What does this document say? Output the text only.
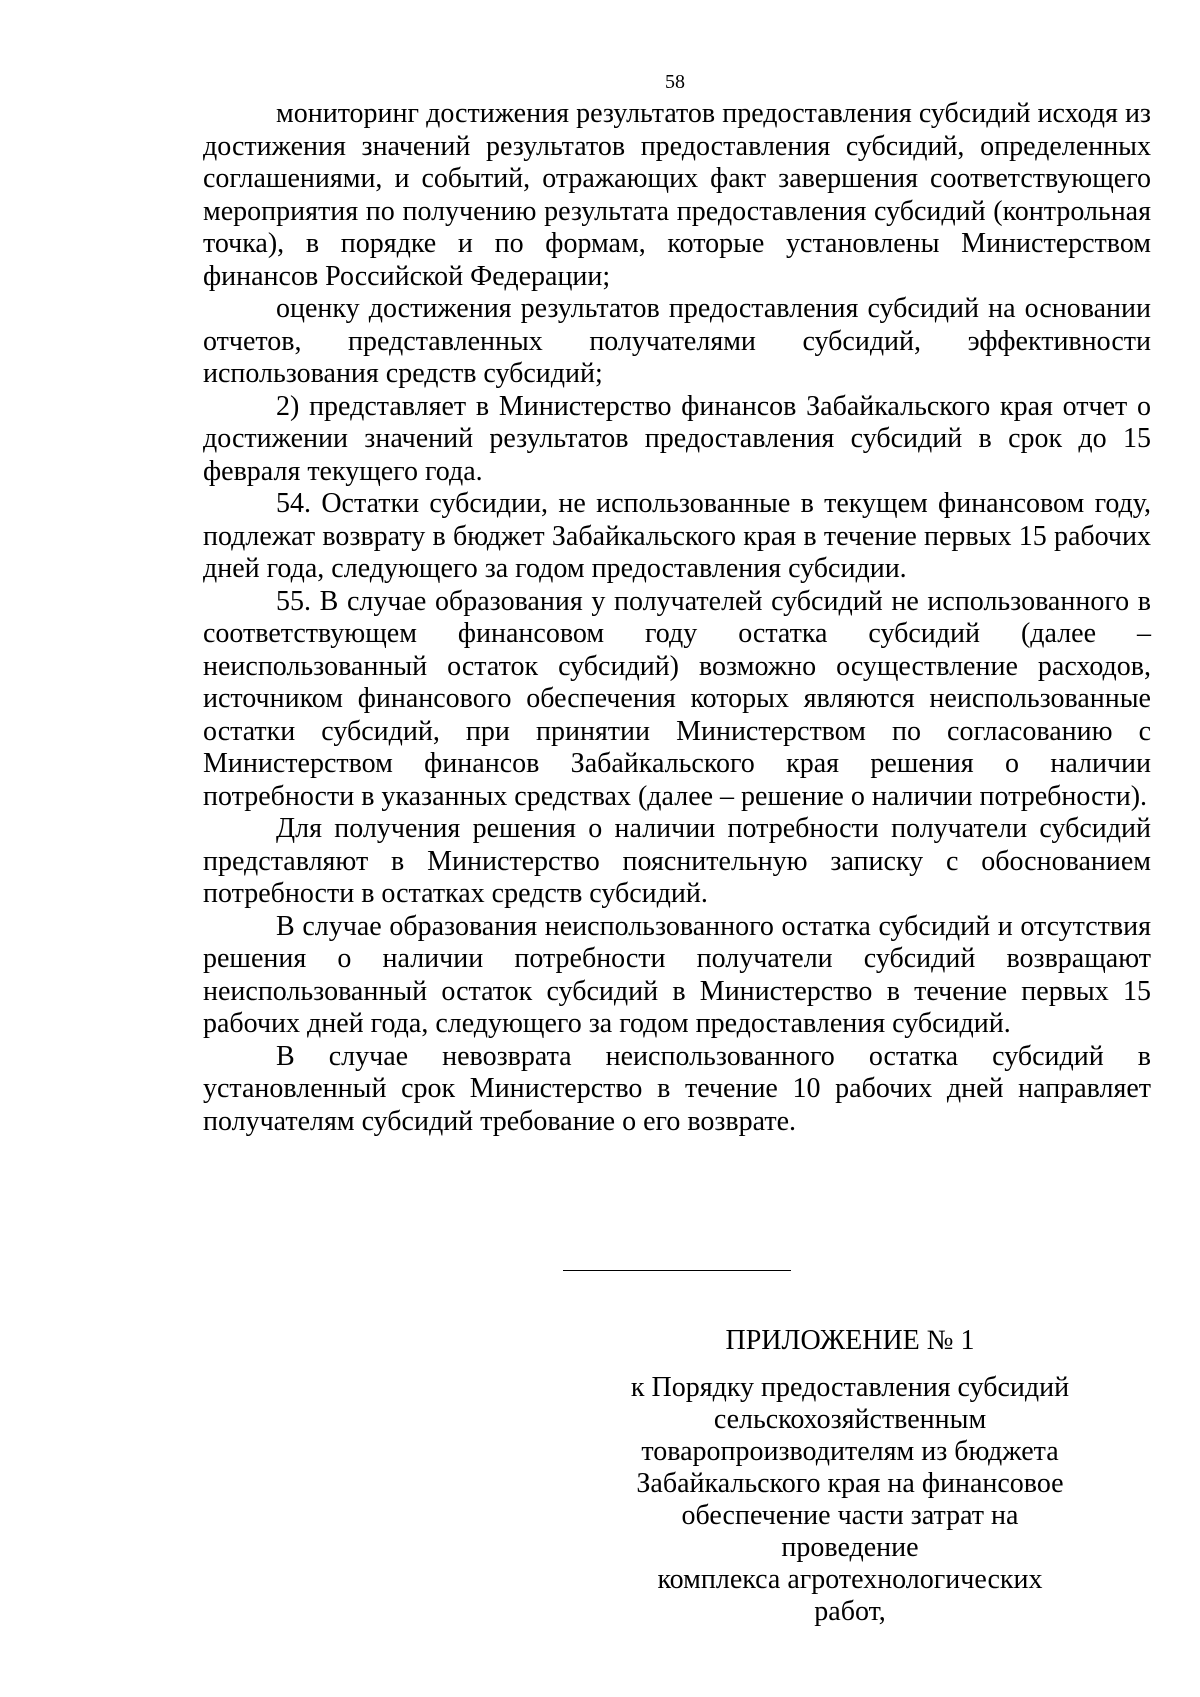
58

мониторинг достижения результатов предоставления субсидий исходя из достижения значений результатов предоставления субсидий, определенных соглашениями, и событий, отражающих факт завершения соответствующего мероприятия по получению результата предоставления субсидий (контрольная точка), в порядке и по формам, которые установлены Министерством финансов Российской Федерации;

оценку достижения результатов предоставления субсидий на основании отчетов, представленных получателями субсидий, эффективности использования средств субсидий;

2) представляет в Министерство финансов Забайкальского края отчет о достижении значений результатов предоставления субсидий в срок до 15 февраля текущего года.

54. Остатки субсидии, не использованные в текущем финансовом году, подлежат возврату в бюджет Забайкальского края в течение первых 15 рабочих дней года, следующего за годом предоставления субсидии.

55. В случае образования у получателей субсидий не использованного в соответствующем финансовом году остатка субсидий (далее – неиспользованный остаток субсидий) возможно осуществление расходов, источником финансового обеспечения которых являются неиспользованные остатки субсидий, при принятии Министерством по согласованию с Министерством финансов Забайкальского края решения о наличии потребности в указанных средствах (далее – решение о наличии потребности).

Для получения решения о наличии потребности получатели субсидий представляют в Министерство пояснительную записку с обоснованием потребности в остатках средств субсидий.

В случае образования неиспользованного остатка субсидий и отсутствия решения о наличии потребности получатели субсидий возвращают неиспользованный остаток субсидий в Министерство в течение первых 15 рабочих дней года, следующего за годом предоставления субсидий.

В случае невозврата неиспользованного остатка субсидий в установленный срок Министерство в течение 10 рабочих дней направляет получателям субсидий требование о его возврате.

ПРИЛОЖЕНИЕ № 1
к Порядку предоставления субсидий
сельскохозяйственным
товаропроизводителям из бюджета
Забайкальского края на финансовое
обеспечение части затрат на проведение
комплекса агротехнологических работ,
